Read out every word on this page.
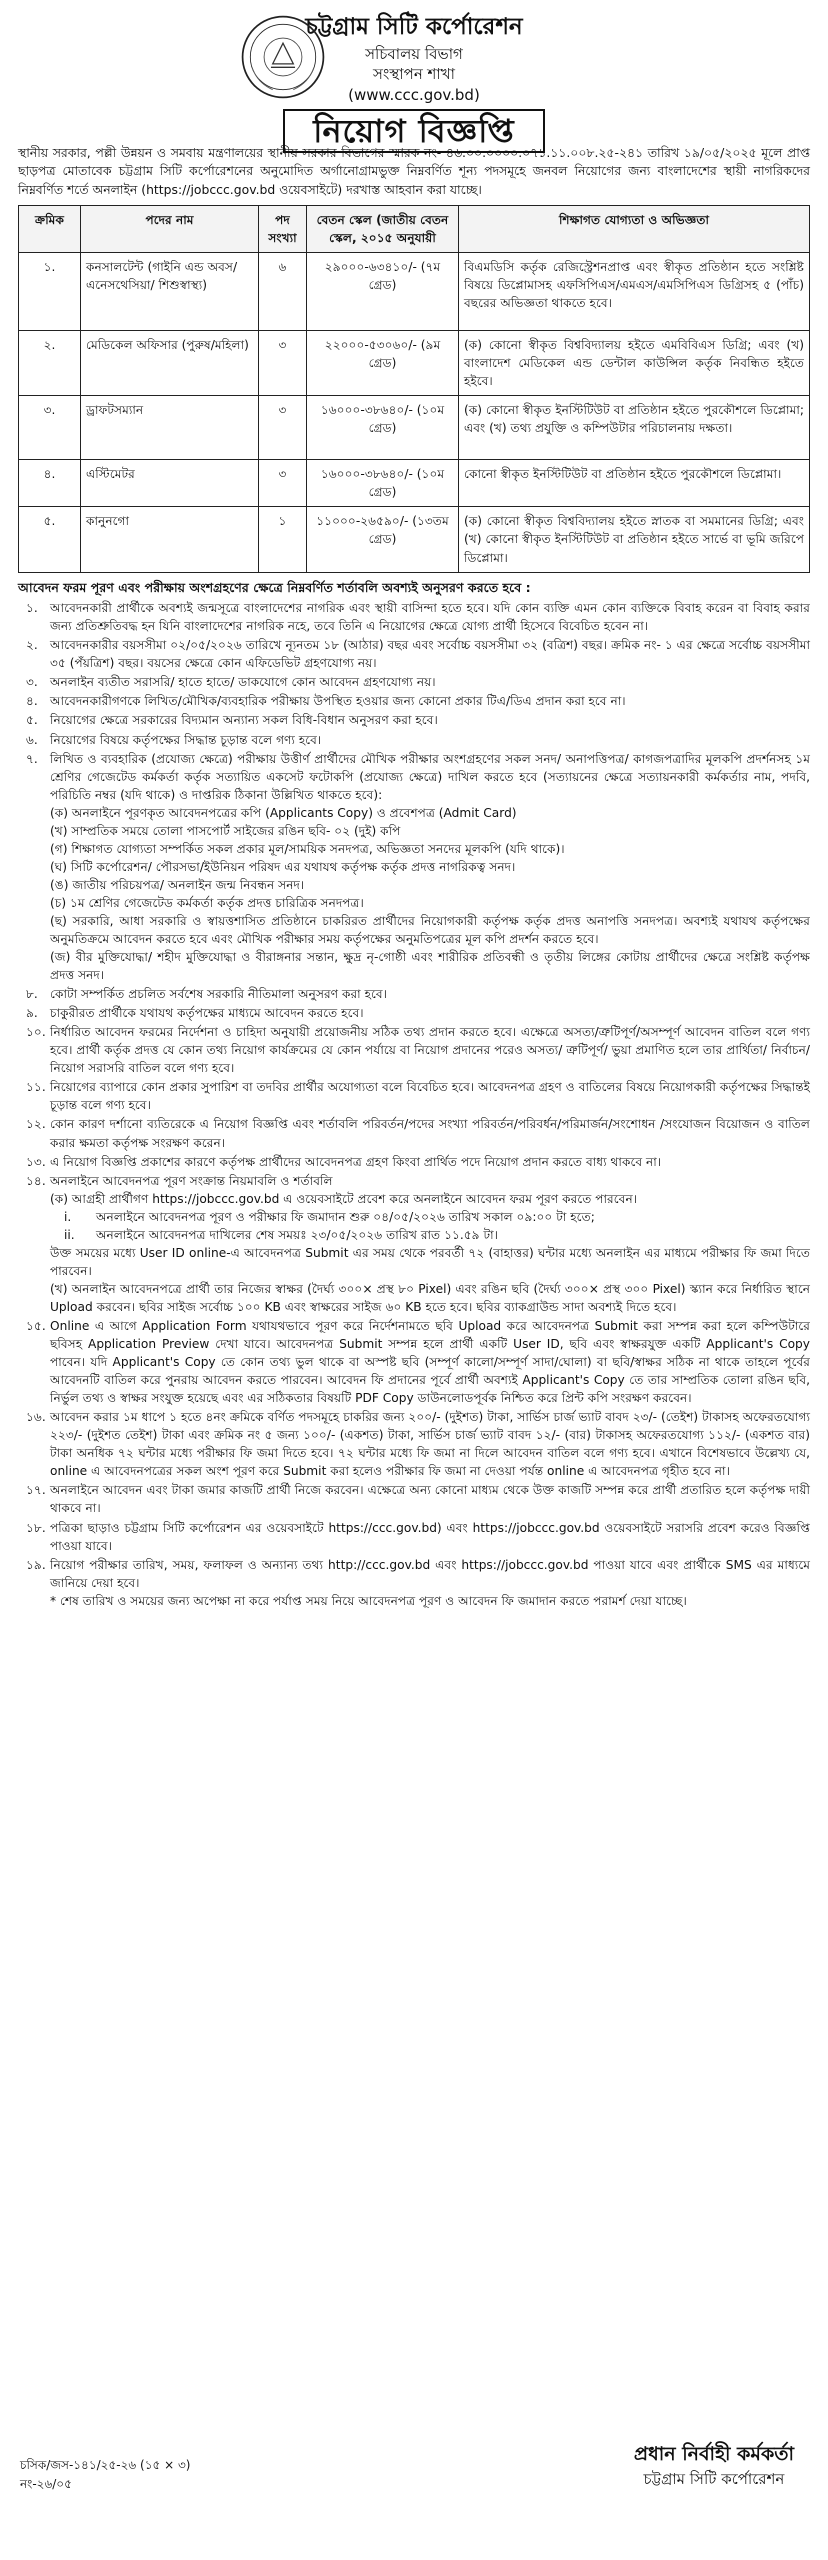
চট্টগ্রাম সিটি কর্পোরেশন
সচিবালয় বিভাগ
সংস্থাপন শাখা
(www.ccc.gov.bd)
নিয়োগ বিজ্ঞপ্তি
স্থানীয় সরকার, পল্লী উন্নয়ন ও সমবায় মন্ত্রণালয়ের স্থানীয় সরকার বিভাগের স্মারক নং- ৪৬.০০.০০০০.০৭১.১১.০০৮.২৫-২৪১ তারিখ ১৯/০৫/২০২৫ মূলে প্রাপ্ত ছাড়পত্র মোতাবেক চট্টগ্রাম সিটি কর্পোরেশনের অনুমোদিত অর্গানোগ্রামভুক্ত নিম্নবর্ণিত শূন্য পদসমূহে জনবল নিয়োগের জন্য বাংলাদেশের স্থায়ী নাগরিকদের নিম্নবর্ণিত শর্তে অনলাইন (https://jobccc.gov.bd ওয়েবসাইটে) দরখাস্ত আহবান করা যাচ্ছে।
ক্রমিক	পদের নাম	পদ সংখ্যা	বেতন স্কেল (জাতীয় বেতন স্কেল, ২০১৫ অনুযায়ী	শিক্ষাগত যোগ্যতা ও অভিজ্ঞতা
১.	কনসালটেন্ট (গাইনি এন্ড অবস/ এনেসথেসিয়া/ শিশুস্বাস্থ্য)	৬	২৯০০০-৬৩৪১০/- (৭ম গ্রেড)	বিএমডিসি কর্তৃক রেজিস্ট্রেশনপ্রাপ্ত এবং স্বীকৃত প্রতিষ্ঠান হতে সংশ্লিষ্ট বিষয়ে ডিপ্লোমাসহ এফসিপিএস/এমএস/এমসিপিএস ডিগ্রিসহ ৫ (পাঁচ) বছরের অভিজ্ঞতা থাকতে হবে।
২.	মেডিকেল অফিসার (পুরুষ/মহিলা)	৩	২২০০০-৫৩০৬০/- (৯ম গ্রেড)	(ক) কোনো স্বীকৃত বিশ্ববিদ্যালয় হইতে এমবিবিএস ডিগ্রি; এবং (খ) বাংলাদেশ মেডিকেল এন্ড ডেন্টাল কাউন্সিল কর্তৃক নিবন্ধিত হইতে হইবে।
৩.	ড্রাফটসম্যান	৩	১৬০০০-৩৮৬৪০/- (১০ম গ্রেড)	(ক) কোনো স্বীকৃত ইনস্টিটিউট বা প্রতিষ্ঠান হইতে পুরকৌশলে ডিপ্লোমা; এবং (খ) তথ্য প্রযুক্তি ও কম্পিউটার পরিচালনায় দক্ষতা।
৪.	এস্টিমেটর	৩	১৬০০০-৩৮৬৪০/- (১০ম গ্রেড)	কোনো স্বীকৃত ইনস্টিটিউট বা প্রতিষ্ঠান হইতে পুরকৌশলে ডিপ্লোমা।
৫.	কানুনগো	১	১১০০০-২৬৫৯০/- (১৩তম গ্রেড)	(ক) কোনো স্বীকৃত বিশ্ববিদ্যালয় হইতে স্নাতক বা সমমানের ডিগ্রি; এবং (খ) কোনো স্বীকৃত ইনস্টিটিউট বা প্রতিষ্ঠান হইতে সার্ভে বা ভূমি জরিপে ডিপ্লোমা।
আবেদন ফরম পূরণ এবং পরীক্ষায় অংশগ্রহণের ক্ষেত্রে নিম্নবর্ণিত শর্তাবলি অবশ্যই অনুসরণ করতে হবে :
১. আবেদনকারী প্রার্থীকে অবশ্যই জন্মসূত্রে বাংলাদেশের নাগরিক এবং স্থায়ী বাসিন্দা হতে হবে। যদি কোন ব্যক্তি এমন কোন ব্যক্তিকে বিবাহ করেন বা বিবাহ করার জন্য প্রতিশ্রুতিবদ্ধ হন যিনি বাংলাদেশের নাগরিক নহে, তবে তিনি এ নিয়োগের ক্ষেত্রে যোগ্য প্রার্থী হিসেবে বিবেচিত হবেন না।
২. আবেদনকারীর বয়সসীমা ০২/০৫/২০২৬ তারিখে ন্যূনতম ১৮ (আঠার) বছর এবং সর্বোচ্চ বয়সসীমা ৩২ (বত্রিশ) বছর। ক্রমিক নং- ১ এর ক্ষেত্রে সর্বোচ্চ বয়সসীমা ৩৫ (পঁয়ত্রিশ) বছর। বয়সের ক্ষেত্রে কোন এফিডেভিট গ্রহণযোগ্য নয়।
৩. অনলাইন ব্যতীত সরাসরি/ হাতে হাতে/ ডাকযোগে কোন আবেদন গ্রহণযোগ্য নয়।
৪. আবেদনকারীগণকে লিখিত/মৌখিক/ব্যবহারিক পরীক্ষায় উপস্থিত হওয়ার জন্য কোনো প্রকার টিএ/ডিএ প্রদান করা হবে না।
৫. নিয়োগের ক্ষেত্রে সরকারের বিদ্যমান অন্যান্য সকল বিধি-বিধান অনুসরণ করা হবে।
৬. নিয়োগের বিষয়ে কর্তৃপক্ষের সিদ্ধান্ত চূড়ান্ত বলে গণ্য হবে।
৭. লিখিত ও ব্যবহারিক (প্রযোজ্য ক্ষেত্রে) পরীক্ষায় উত্তীর্ণ প্রার্থীদের মৌখিক পরীক্ষার অংশগ্রহণের সকল সনদ/ অনাপত্তিপত্র/ কাগজপত্রাদির মূলকপি প্রদর্শনসহ ১ম শ্রেণির গেজেটেড কর্মকর্তা কর্তৃক সত্যায়িত একসেট ফটোকপি (প্রযোজ্য ক্ষেত্রে) দাখিল করতে হবে (সত্যায়নের ক্ষেত্রে সত্যায়নকারী কর্মকর্তার নাম, পদবি, পরিচিতি নম্বর (যদি থাকে) ও দাপ্তরিক ঠিকানা উল্লিখিত থাকতে হবে):
(ক) অনলাইনে পূরণকৃত আবেদনপত্রের কপি (Applicants Copy) ও প্রবেশপত্র (Admit Card)
(খ) সাম্প্রতিক সময়ে তোলা পাসপোর্ট সাইজের রঙিন ছবি- ০২ (দুই) কপি
(গ) শিক্ষাগত যোগ্যতা সম্পর্কিত সকল প্রকার মূল/সাময়িক সনদপত্র, অভিজ্ঞতা সনদের মূলকপি (যদি থাকে)।
(ঘ) সিটি কর্পোরেশন/ পৌরসভা/ইউনিয়ন পরিষদ এর যথাযথ কর্তৃপক্ষ কর্তৃক প্রদত্ত নাগরিকত্ব সনদ।
(ঙ) জাতীয় পরিচয়পত্র/ অনলাইন জন্ম নিবন্ধন সনদ।
(চ) ১ম শ্রেণির গেজেটেড কর্মকর্তা কর্তৃক প্রদত্ত চারিত্রিক সনদপত্র।
(ছ) সরকারি, আধা সরকারি ও স্বায়ত্তশাসিত প্রতিষ্ঠানে চাকরিরত প্রার্থীদের নিয়োগকারী কর্তৃপক্ষ কর্তৃক প্রদত্ত অনাপত্তি সনদপত্র। অবশ্যই যথাযথ কর্তৃপক্ষের অনুমতিক্রমে আবেদন করতে হবে এবং মৌখিক পরীক্ষার সময় কর্তৃপক্ষের অনুমতিপত্রের মূল কপি প্রদর্শন করতে হবে।
(জ) বীর মুক্তিযোদ্ধা/ শহীদ মুক্তিযোদ্ধা ও বীরাঙ্গনার সন্তান, ক্ষুদ্র নৃ-গোষ্ঠী এবং শারীরিক প্রতিবন্ধী ও তৃতীয় লিঙ্গের কোটায় প্রার্থীদের ক্ষেত্রে সংশ্লিষ্ট কর্তৃপক্ষ প্রদত্ত সনদ।
৮. কোটা সম্পর্কিত প্রচলিত সর্বশেষ সরকারি নীতিমালা অনুসরণ করা হবে।
৯. চাকুরীরত প্রার্থীকে যথাযথ কর্তৃপক্ষের মাধ্যমে আবেদন করতে হবে।
১০. নির্ধারিত আবেদন ফরমের নির্দেশনা ও চাহিদা অনুযায়ী প্রয়োজনীয় সঠিক তথ্য প্রদান করতে হবে। এক্ষেত্রে অসত্য/ত্রুটিপূর্ণ/অসম্পূর্ণ আবেদন বাতিল বলে গণ্য হবে। প্রার্থী কর্তৃক প্রদত্ত যে কোন তথ্য নিয়োগ কার্যক্রমের যে কোন পর্যায়ে বা নিয়োগ প্রদানের পরেও অসত্য/ ত্রুটিপূর্ণ/ ভুয়া প্রমাণিত হলে তার প্রার্থিতা/ নির্বাচন/ নিয়োগ সরাসরি বাতিল বলে গণ্য হবে।
১১. নিয়োগের ব্যাপারে কোন প্রকার সুপারিশ বা তদবির প্রার্থীর অযোগ্যতা বলে বিবেচিত হবে। আবেদনপত্র গ্রহণ ও বাতিলের বিষয়ে নিয়োগকারী কর্তৃপক্ষের সিদ্ধান্তই চূড়ান্ত বলে গণ্য হবে।
১২. কোন কারণ দর্শানো ব্যতিরেকে এ নিয়োগ বিজ্ঞপ্তি এবং শর্তাবলি পরিবর্তন/পদের সংখ্যা পরিবর্তন/পরিবর্ধন/পরিমার্জন/সংশোধন /সংযোজন বিয়োজন ও বাতিল করার ক্ষমতা কর্তৃপক্ষ সংরক্ষণ করেন।
১৩. এ নিয়োগ বিজ্ঞপ্তি প্রকাশের কারণে কর্তৃপক্ষ প্রার্থীদের আবেদনপত্র গ্রহণ কিংবা প্রার্থিত পদে নিয়োগ প্রদান করতে বাধ্য থাকবে না।
১৪. অনলাইনে আবেদনপত্র পূরণ সংক্রান্ত নিয়মাবলি ও শর্তাবলি
(ক) আগ্রহী প্রার্থীগণ https://jobccc.gov.bd এ ওয়েবসাইটে প্রবেশ করে অনলাইনে আবেদন ফরম পূরণ করতে পারবেন।
i. অনলাইনে আবেদনপত্র পূরণ ও পরীক্ষার ফি জমাদান শুরু ০৪/০৫/২০২৬ তারিখ সকাল ০৯:০০ টা হতে;
ii. অনলাইনে আবেদনপত্র দাখিলের শেষ সময়ঃ ২৩/০৫/২০২৬ তারিখ রাত ১১.৫৯ টা।
উক্ত সময়ের মধ্যে User ID online-এ আবেদনপত্র Submit এর সময় থেকে পরবর্তী ৭২ (বাহাত্তর) ঘন্টার মধ্যে অনলাইন এর মাধ্যমে পরীক্ষার ফি জমা দিতে পারবেন।
(খ) অনলাইন আবেদনপত্রে প্রার্থী তার নিজের স্বাক্ষর (দৈর্ঘ্য ৩০০× প্রস্থ ৮০ Pixel) এবং রঙিন ছবি (দৈর্ঘ্য ৩০০× প্রস্থ ৩০০ Pixel) স্ক্যান করে নির্ধারিত স্থানে Upload করবেন। ছবির সাইজ সর্বোচ্চ ১০০ KB এবং স্বাক্ষরের সাইজ ৬০ KB হতে হবে। ছবির ব্যাকগ্রাউন্ড সাদা অবশ্যই দিতে হবে।
১৫. Online এ আগে Application Form যথাযথভাবে পূরণ করে নির্দেশনামতে ছবি Upload করে আবেদনপত্র Submit করা সম্পন্ন করা হলে কম্পিউটারে ছবিসহ Application Preview দেখা যাবে। আবেদনপত্র Submit সম্পন্ন হলে প্রার্থী একটি User ID, ছবি এবং স্বাক্ষরযুক্ত একটি Applicant's Copy পাবেন। যদি Applicant's Copy তে কোন তথ্য ভুল থাকে বা অস্পষ্ট ছবি (সম্পূর্ণ কালো/সম্পূর্ণ সাদা/ঘোলা) বা ছবি/স্বাক্ষর সঠিক না থাকে তাহলে পূর্বের আবেদনটি বাতিল করে পুনরায় আবেদন করতে পারবেন। আবেদন ফি প্রদানের পূর্বে প্রার্থী অবশ্যই Applicant's Copy তে তার সাম্প্রতিক তোলা রঙিন ছবি, নির্ভুল তথ্য ও স্বাক্ষর সংযুক্ত হয়েছে এবং এর সঠিকতার বিষয়টি PDF Copy ডাউনলোডপূর্বক নিশ্চিত করে প্রিন্ট কপি সংরক্ষণ করবেন।
১৬. আবেদন করার ১ম ধাপে ১ হতে ৪নং ক্রমিকে বর্ণিত পদসমূহে চাকরির জন্য ২০০/- (দুইশত) টাকা, সার্ভিস চার্জ ভ্যাট বাবদ ২৩/- (তেইশ) টাকাসহ অফেরতযোগ্য ২২৩/- (দুইশত তেইশ) টাকা এবং ক্রমিক নং ৫ জন্য ১০০/- (একশত) টাকা, সার্ভিস চার্জ ভ্যাট বাবদ ১২/- (বার) টাকাসহ অফেরতযোগ্য ১১২/- (একশত বার) টাকা অনধিক ৭২ ঘন্টার মধ্যে পরীক্ষার ফি জমা দিতে হবে। ৭২ ঘন্টার মধ্যে ফি জমা না দিলে আবেদন বাতিল বলে গণ্য হবে। এখানে বিশেষভাবে উল্লেখ্য যে, online এ আবেদনপত্রের সকল অংশ পূরণ করে Submit করা হলেও পরীক্ষার ফি জমা না দেওয়া পর্যন্ত online এ আবেদনপত্র গৃহীত হবে না।
১৭. অনলাইনে আবেদন এবং টাকা জমার কাজটি প্রার্থী নিজে করবেন। এক্ষেত্রে অন্য কোনো মাধ্যম থেকে উক্ত কাজটি সম্পন্ন করে প্রার্থী প্রতারিত হলে কর্তৃপক্ষ দায়ী থাকবে না।
১৮. পত্রিকা ছাড়াও চট্টগ্রাম সিটি কর্পোরেশন এর ওয়েবসাইটে https://ccc.gov.bd) এবং https://jobccc.gov.bd ওয়েবসাইটে সরাসরি প্রবেশ করেও বিজ্ঞপ্তি পাওয়া যাবে।
১৯. নিয়োগ পরীক্ষার তারিখ, সময়, ফলাফল ও অন্যান্য তথ্য http://ccc.gov.bd এবং https://jobccc.gov.bd পাওয়া যাবে এবং প্রার্থীকে SMS এর মাধ্যমে জানিয়ে দেয়া হবে।
* শেষ তারিখ ও সময়ের জন্য অপেক্ষা না করে পর্যাপ্ত সময় নিয়ে আবেদনপত্র পূরণ ও আবেদন ফি জমাদান করতে পরামর্শ দেয়া যাচ্ছে।
চসিক/জস-১৪১/২৫-২৬ (১৫ × ৩)
নং-২৬/০৫
প্রধান নির্বাহী কর্মকর্তা
চট্টগ্রাম সিটি কর্পোরেশন
